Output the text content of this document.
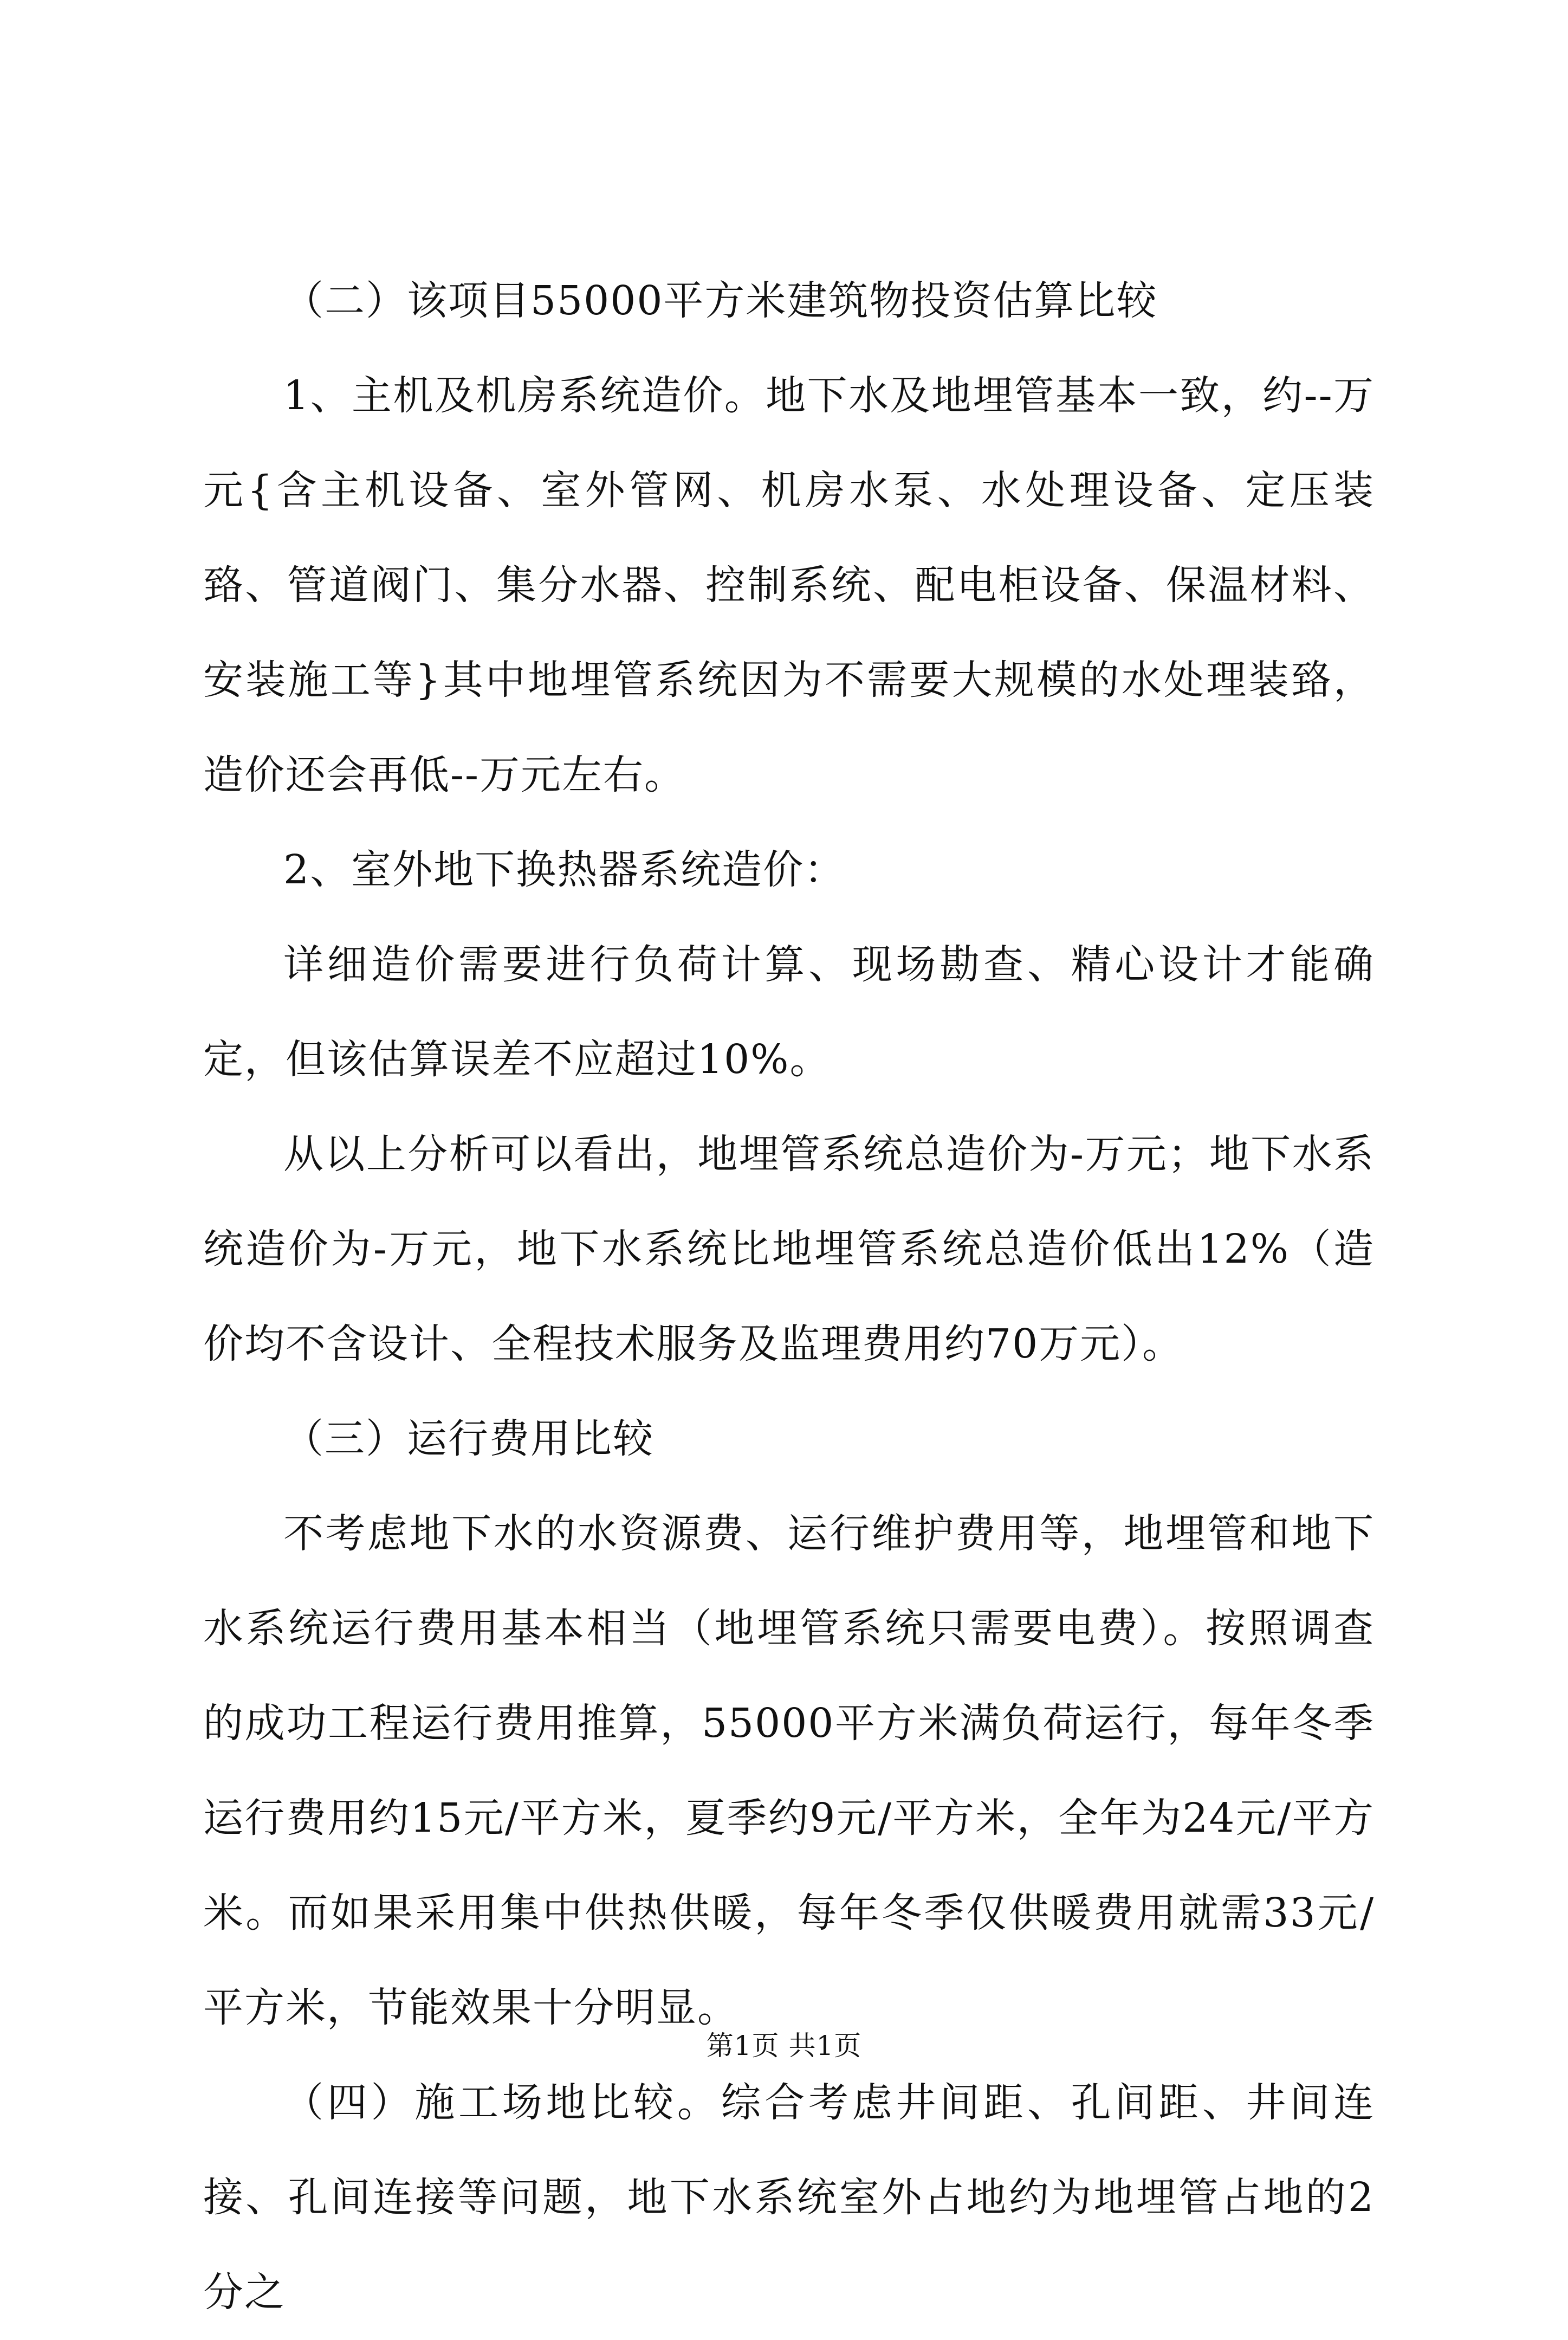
（二）该项目55000平方米建筑物投资估算比较

1、主机及机房系统造价。地下水及地埋管基本一致，约--万元{含主机设备、室外管网、机房水泵、水处理设备、定压装臵、管道阀门、集分水器、控制系统、配电柜设备、保温材料、安装施工等}其中地埋管系统因为不需要大规模的水处理装臵，造价还会再低--万元左右。

2、室外地下换热器系统造价：

详细造价需要进行负荷计算、现场勘查、精心设计才能确定，但该估算误差不应超过10%。

从以上分析可以看出，地埋管系统总造价为-万元；地下水系统造价为-万元，地下水系统比地埋管系统总造价低出12%（造价均不含设计、全程技术服务及监理费用约70万元）。

（三）运行费用比较

不考虑地下水的水资源费、运行维护费用等，地埋管和地下水系统运行费用基本相当（地埋管系统只需要电费）。按照调查的成功工程运行费用推算，55000平方米满负荷运行，每年冬季运行费用约15元/平方米，夏季约9元/平方米，全年为24元/平方米。而如果采用集中供热供暖，每年冬季仅供暖费用就需33元/平方米，节能效果十分明显。

（四）施工场地比较。综合考虑井间距、孔间距、井间连接、孔间连接等问题，地下水系统室外占地约为地埋管占地的2分之

第1页 共1页
